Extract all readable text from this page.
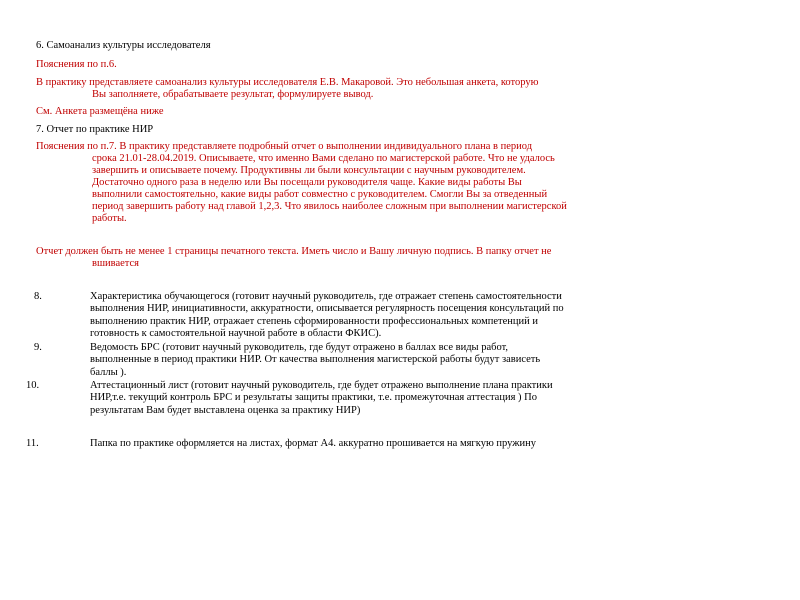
6. Самоанализ культуры исследователя
Пояснения по п.6.
В практику представляете самоанализ культуры исследователя Е.В. Макаровой. Это небольшая анкета, которую
Вы заполняете, обрабатываете результат, формулируете вывод.
См. Анкета размещёна ниже
7. Отчет по практике НИР
Пояснения по п.7. В практику представляете подробный отчет о выполнении индивидуального плана в период
срока 21.01-28.04.2019. Описываете, что именно Вами сделано по магистерской работе. Что не удалось
завершить и описываете почему. Продуктивны ли были консультации с научным руководителем.
Достаточно одного раза в неделю или Вы посещали руководителя чаще. Какие виды работы Вы
выполнили самостоятельно, какие виды работ совместно с руководителем. Смогли Вы за отведенный
период завершить работу над главой 1,2,3. Что явилось наиболее сложным при выполнении магистерской
работы.
Отчет должен быть не менее 1 страницы печатного текста. Иметь число и Вашу личную подпись. В папку отчет не
вшивается
8.	Характеристика обучающегося (готовит научный руководитель, где отражает степень самостоятельности
выполнения НИР, инициативности, аккуратности, описывается регулярность посещения консультаций по
выполнению практик НИР, отражает степень сформированности профессиональных компетенций и
готовность к самостоятельной научной работе в области ФКИС).
9.	Ведомость БРС (готовит научный руководитель, где будут отражено в баллах все виды работ,
выполненные в период практики НИР. От качества выполнения магистерской работы будут зависеть
баллы ).
10.	Аттестационный лист (готовит научный руководитель, где будет отражено выполнение плана практики
НИР,т.е. текущий контроль БРС и результаты защиты практики, т.е. промежуточная аттестация ) По
результатам Вам будет выставлена оценка за практику НИР)
11.	Папка по практике оформляется на листах, формат А4. аккуратно прошивается на мягкую пружину
